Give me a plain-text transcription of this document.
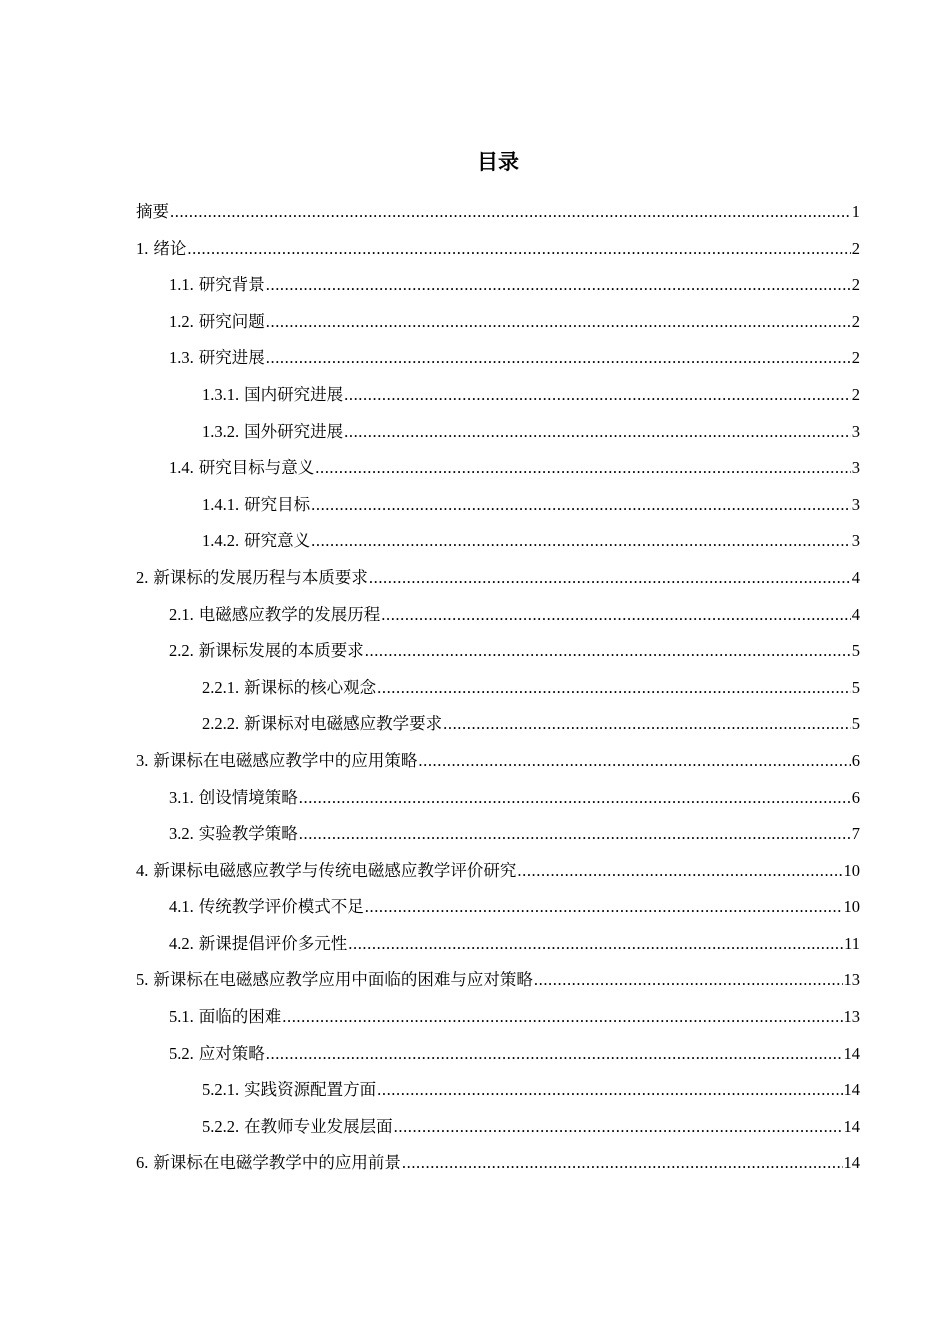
目录
摘要 .....	1
1. 绪论 .....	2
1.1. 研究背景 .....	2
1.2. 研究问题 .....	2
1.3. 研究进展 .....	2
1.3.1. 国内研究进展 .....	2
1.3.2. 国外研究进展 .....	3
1.4. 研究目标与意义 .....	3
1.4.1. 研究目标 .....	3
1.4.2. 研究意义 .....	3
2. 新课标的发展历程与本质要求 .....	4
2.1. 电磁感应教学的发展历程 .....	4
2.2. 新课标发展的本质要求 .....	5
2.2.1. 新课标的核心观念 .....	5
2.2.2. 新课标对电磁感应教学要求 .....	5
3. 新课标在电磁感应教学中的应用策略 .....	6
3.1. 创设情境策略 .....	6
3.2. 实验教学策略 .....	7
4. 新课标电磁感应教学与传统电磁感应教学评价研究 .....	10
4.1. 传统教学评价模式不足 .....	10
4.2. 新课提倡评价多元性 .....	11
5. 新课标在电磁感应教学应用中面临的困难与应对策略 .....	13
5.1. 面临的困难 .....	13
5.2. 应对策略 .....	14
5.2.1. 实践资源配置方面 .....	14
5.2.2. 在教师专业发展层面 .....	14
6. 新课标在电磁学教学中的应用前景 .....	14
